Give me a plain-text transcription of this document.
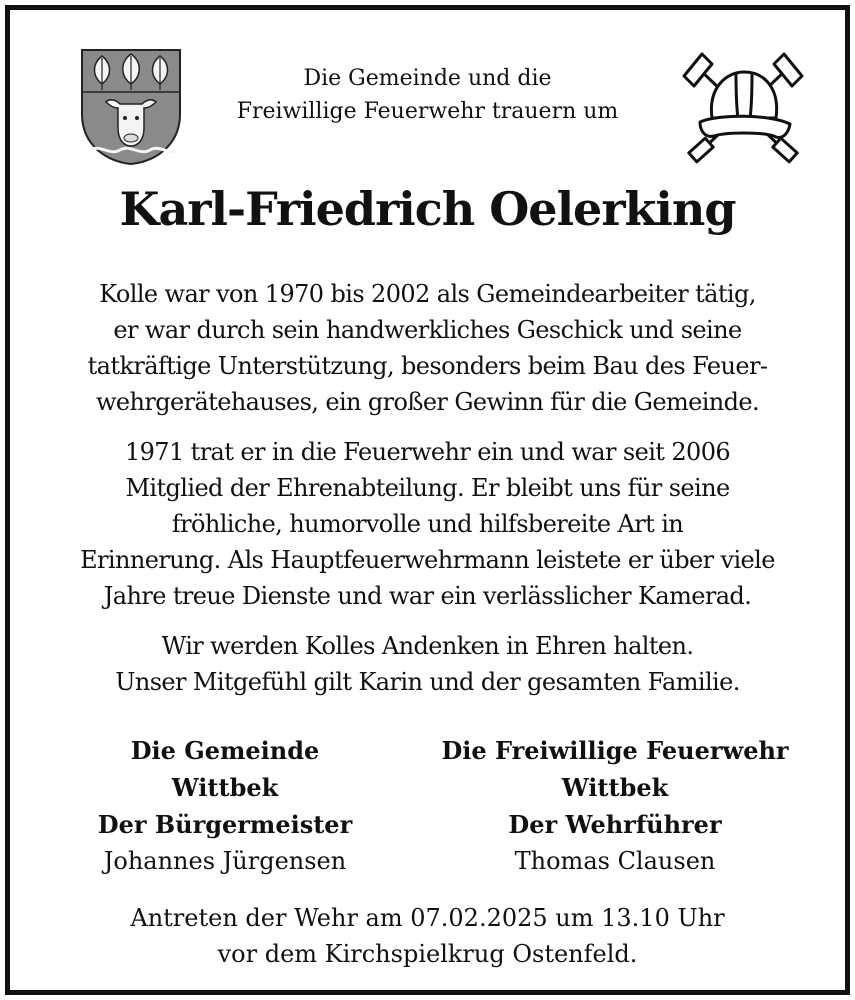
Die Gemeinde und die
Freiwillige Feuerwehr trauern um
Karl-Friedrich Oelerking
Kolle war von 1970 bis 2002 als Gemeindearbeiter tätig,
er war durch sein handwerkliches Geschick und seine
tatkräftige Unterstützung, besonders beim Bau des Feuer-
wehrgerätehauses, ein großer Gewinn für die Gemeinde.
1971 trat er in die Feuerwehr ein und war seit 2006
Mitglied der Ehrenabteilung. Er bleibt uns für seine
fröhliche, humorvolle und hilfsbereite Art in
Erinnerung. Als Hauptfeuerwehrmann leistete er über viele
Jahre treue Dienste und war ein verlässlicher Kamerad.
Wir werden Kolles Andenken in Ehren halten.
Unser Mitgefühl gilt Karin und der gesamten Familie.
Die Gemeinde
Wittbek
Der Bürgermeister
Johannes Jürgensen
Die Freiwillige Feuerwehr
Wittbek
Der Wehrführer
Thomas Clausen
Antreten der Wehr am 07.02.2025 um 13.10 Uhr
vor dem Kirchspielkrug Ostenfeld.
